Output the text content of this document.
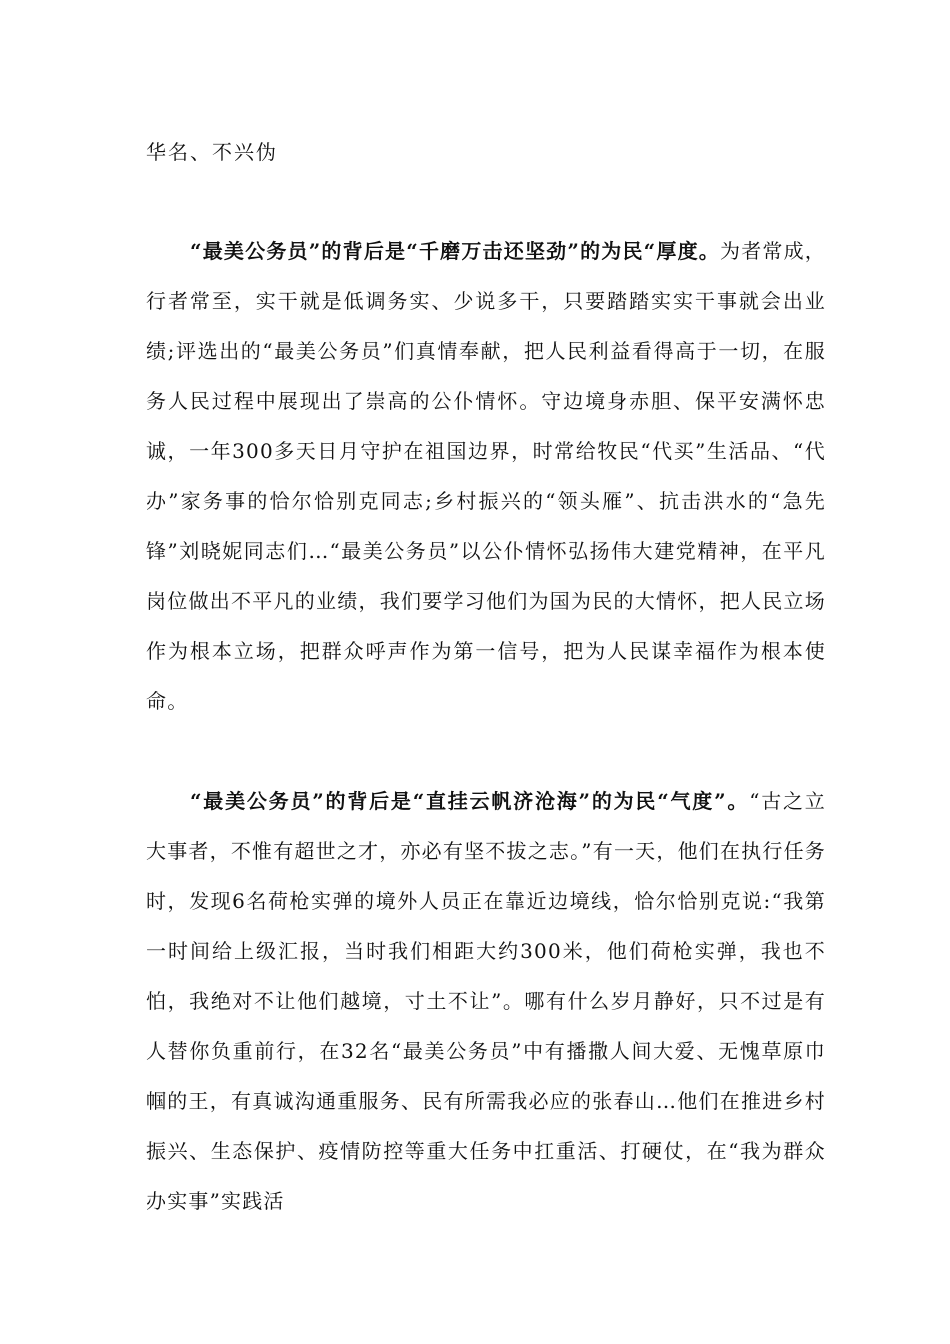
华名、不兴伪

“最美公务员”的背后是“千磨万击还坚劲”的为民“厚度。为者常成，行者常至，实干就是低调务实、少说多干，只要踏踏实实干事就会出业绩;评选出的“最美公务员”们真情奉献，把人民利益看得高于一切，在服务人民过程中展现出了崇高的公仆情怀。守边境身赤胆、保平安满怀忠诚，一年300多天日月守护在祖国边界，时常给牧民“代买”生活品、“代办”家务事的恰尔恰别克同志;乡村振兴的“领头雁”、抗击洪水的“急先锋”刘晓妮同志们…“最美公务员”以公仆情怀弘扬伟大建党精神，在平凡岗位做出不平凡的业绩，我们要学习他们为国为民的大情怀，把人民立场作为根本立场，把群众呼声作为第一信号，把为人民谋幸福作为根本使命。

“最美公务员”的背后是“直挂云帆济沧海”的为民“气度”。“古之立大事者，不惟有超世之才，亦必有坚不拔之志。”有一天，他们在执行任务时，发现6名荷枪实弹的境外人员正在靠近边境线，恰尔恰别克说:“我第一时间给上级汇报，当时我们相距大约300米，他们荷枪实弹，我也不怕，我绝对不让他们越境，寸土不让”。哪有什么岁月静好，只不过是有人替你负重前行，在32名“最美公务员”中有播撒人间大爱、无愧草原巾帼的王，有真诚沟通重服务、民有所需我必应的张春山…他们在推进乡村振兴、生态保护、疫情防控等重大任务中扛重活、打硬仗，在“我为群众办实事”实践活
